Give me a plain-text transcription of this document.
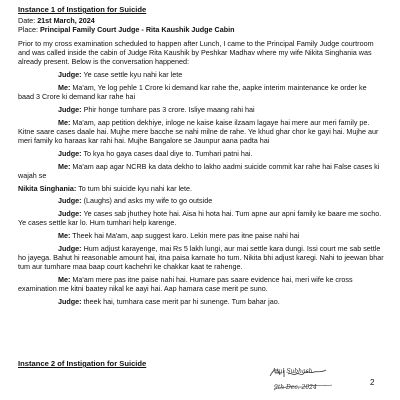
Instance 1 of Instigation for Suicide

Date: 21st March, 2024

Place: Principal Family Court Judge - Rita Kaushik Judge Cabin

Prior to my cross examination scheduled to happen after Lunch, I came to the Principal Family Judge courtroom and was called inside the cabin of Judge Rita Kaushik by Peshkar Madhav where my wife Nikita Singhania was already present. Below is the conversation happened:

Judge: Ye case settle kyu nahi kar lete

Me: Ma'am, Ye log pehle 1 Crore ki demand kar rahe the, aapke interim maintenance ke order ke baad 3 Crore ki demand kar rahe hai

Judge: Phir honge tumhare pas 3 crore. Isliye maang rahi hai

Me: Ma'am, aap petition dekhiye, inloge ne kaise kaise ilzaam lagaye hai mere aur meri family pe. Kitne saare cases daale hai. Mujhe mere bacche se nahi milne de rahe. Ye khud ghar chor ke gayi hai. Mujhe aur meri family ko haraas kar rahi hai. Mujhe Bangalore se Jaunpur aana padta hai

Judge: To kya ho gaya cases daal diye to. Tumhari patni hai.

Me: Ma'am aap agar NCRB ka data dekho to lakho aadmi suicide commit kar rahe hai False cases ki wajah se

Nikita Singhania: To tum bhi suicide kyu nahi kar lete.

Judge: (Laughs) and asks my wife to go outside

Judge: Ye cases sab jhuthey hote hai. Aisa hi hota hai. Tum apne aur apni family ke baare me socho. Ye cases settle kar lo. Hum tumhari help karenge.

Me: Theek hai Ma'am, aap suggest karo. Lekin mere pas itne paise nahi hai

Judge: Hum adjust karayenge, mai Rs 5 lakh lungi, aur mai settle kara dungi. Issi court me sab settle ho jayega. Bahut hi reasonable amount hai, itna paisa karnate ho tum. Nikita bhi adjust karegi. Nahi to jeewan bhar tum aur tumhare maa baap court kachehri ke chakkar kaat te rahenge.

Me: Ma'am mere pas itne paise nahi hai. Humare pas saare evidence hai, meri wife ke cross examination me kitni baatey nikal ke aayi hai. Aap hamara case merit pe suno.

Judge: theek hai, tumhara case merit par hi sunenge. Tum bahar jao.

Instance 2 of Instigation for Suicide
Atul Subhash
9th Dec. 2024
2
